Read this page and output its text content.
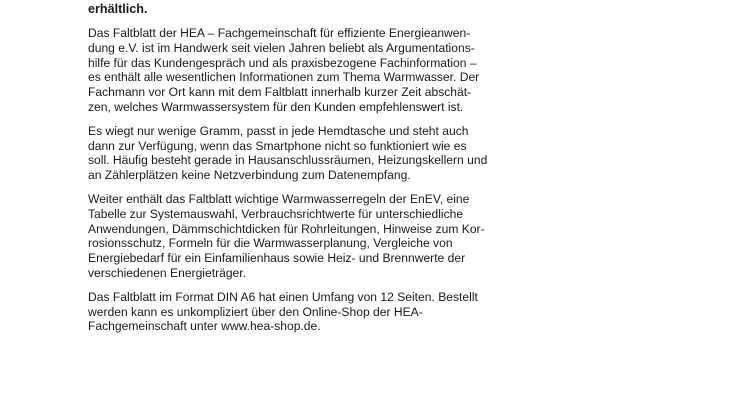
erhältlich.

Das Faltblatt der HEA – Fachgemeinschaft für effiziente Energieanwen-
dung e.V. ist im Handwerk seit vielen Jahren beliebt als Argumentations-
hilfe für das Kundengespräch und als praxisbezogene Fachinformation –
es enthält alle wesentlichen Informationen zum Thema Warmwasser. Der
Fachmann vor Ort kann mit dem Faltblatt innerhalb kurzer Zeit abschät-
zen, welches Warmwassersystem für den Kunden empfehlenswert ist.

Es wiegt nur wenige Gramm, passt in jede Hemdtasche und steht auch
dann zur Verfügung, wenn das Smartphone nicht so funktioniert wie es
soll. Häufig besteht gerade in Hausanschlussräumen, Heizungskellern und
an Zählerplätzen keine Netzverbindung zum Datenempfang.

Weiter enthält das Faltblatt wichtige Warmwasserregeln der EnEV, eine
Tabelle zur Systemauswahl, Verbrauchsrichtwerte für unterschiedliche
Anwendungen, Dämmschichtdicken für Rohrleitungen, Hinweise zum Kor-
rosionsschutz, Formeln für die Warmwasserplanung, Vergleiche von
Energiebedarf für ein Einfamilienhaus sowie Heiz- und Brennwerte der
verschiedenen Energieträger.

Das Faltblatt im Format DIN A6 hat einen Umfang von 12 Seiten. Bestellt
werden kann es unkompliziert über den Online-Shop der HEA-
Fachgemeinschaft unter www.hea-shop.de.
